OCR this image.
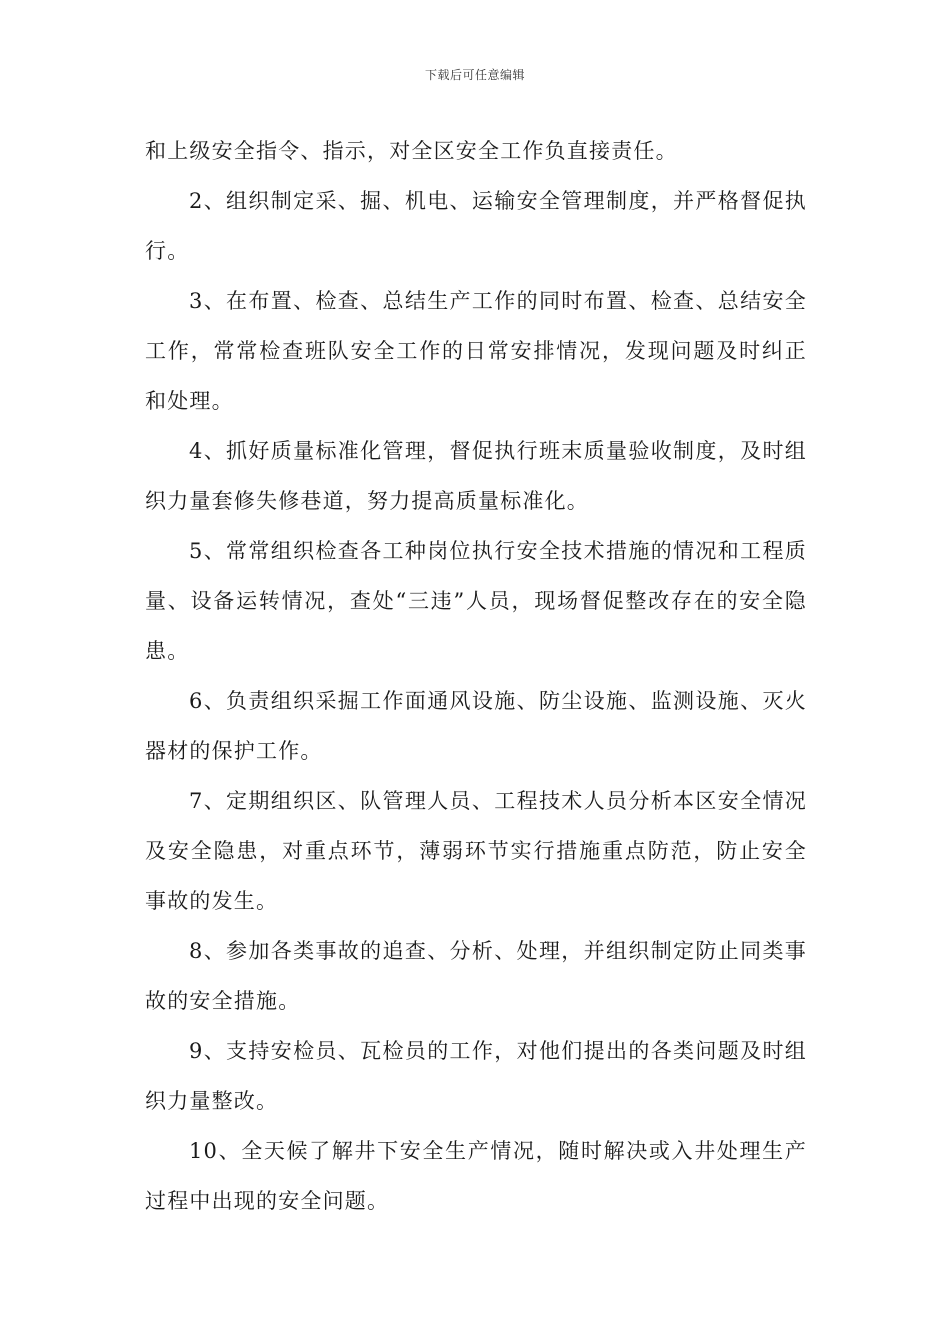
下载后可任意编辑

和上级安全指令、指示，对全区安全工作负直接责任。

2、组织制定采、掘、机电、运输安全管理制度，并严格督促执行。

3、在布置、检查、总结生产工作的同时布置、检查、总结安全工作，常常检查班队安全工作的日常安排情况，发现问题及时纠正和处理。

4、抓好质量标准化管理，督促执行班末质量验收制度，及时组织力量套修失修巷道，努力提高质量标准化。

5、常常组织检查各工种岗位执行安全技术措施的情况和工程质量、设备运转情况，查处“三违”人员，现场督促整改存在的安全隐患。

6、负责组织采掘工作面通风设施、防尘设施、监测设施、灭火器材的保护工作。

7、定期组织区、队管理人员、工程技术人员分析本区安全情况及安全隐患，对重点环节，薄弱环节实行措施重点防范，防止安全事故的发生。

8、参加各类事故的追查、分析、处理，并组织制定防止同类事故的安全措施。

9、支持安检员、瓦检员的工作，对他们提出的各类问题及时组织力量整改。

10、全天候了解井下安全生产情况，随时解决或入井处理生产过程中出现的安全问题。
